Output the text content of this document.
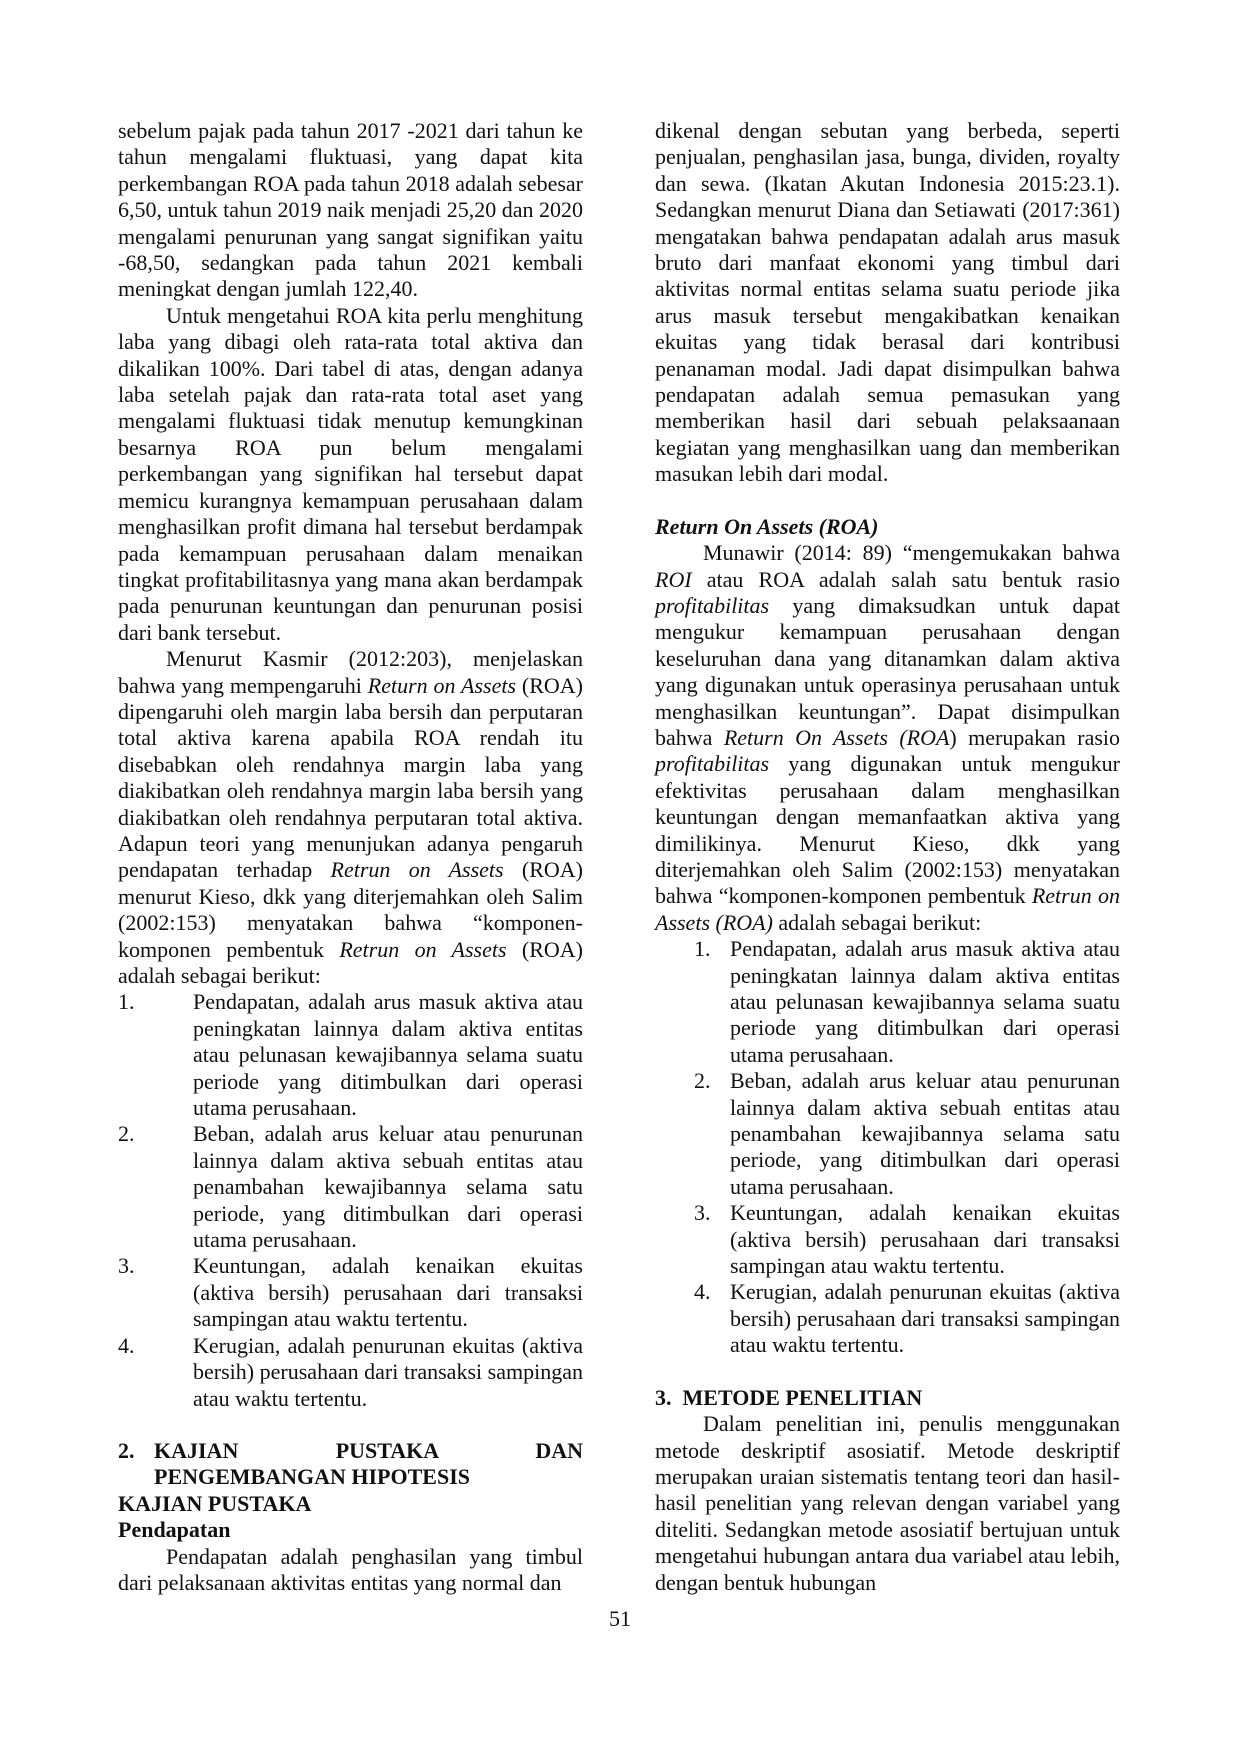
sebelum pajak pada tahun 2017 -2021 dari tahun ke tahun mengalami fluktuasi, yang dapat kita perkembangan ROA pada tahun 2018 adalah sebesar 6,50, untuk tahun 2019 naik menjadi 25,20 dan 2020 mengalami penurunan yang sangat signifikan yaitu -68,50, sedangkan pada tahun 2021 kembali meningkat dengan jumlah 122,40.

Untuk mengetahui ROA kita perlu menghitung laba yang dibagi oleh rata-rata total aktiva dan dikalikan 100%. Dari tabel di atas, dengan adanya laba setelah pajak dan rata-rata total aset yang mengalami fluktuasi tidak menutup kemungkinan besarnya ROA pun belum mengalami perkembangan yang signifikan hal tersebut dapat memicu kurangnya kemampuan perusahaan dalam menghasilkan profit dimana hal tersebut berdampak pada kemampuan perusahaan dalam menaikan tingkat profitabilitasnya yang mana akan berdampak pada penurunan keuntungan dan penurunan posisi dari bank tersebut.

Menurut Kasmir (2012:203), menjelaskan bahwa yang mempengaruhi Return on Assets (ROA) dipengaruhi oleh margin laba bersih dan perputaran total aktiva karena apabila ROA rendah itu disebabkan oleh rendahnya margin laba yang diakibatkan oleh rendahnya margin laba bersih yang diakibatkan oleh rendahnya perputaran total aktiva. Adapun teori yang menunjukan adanya pengaruh pendapatan terhadap Retrun on Assets (ROA) menurut Kieso, dkk yang diterjemahkan oleh Salim (2002:153) menyatakan bahwa “komponen-komponen pembentuk Retrun on Assets (ROA) adalah sebagai berikut:

1.	Pendapatan, adalah arus masuk aktiva atau peningkatan lainnya dalam aktiva entitas atau pelunasan kewajibannya selama suatu periode yang ditimbulkan dari operasi utama perusahaan.
2.	Beban, adalah arus keluar atau penurunan lainnya dalam aktiva sebuah entitas atau penambahan kewajibannya selama satu periode, yang ditimbulkan dari operasi utama perusahaan.
3.	Keuntungan, adalah kenaikan ekuitas (aktiva bersih) perusahaan dari transaksi sampingan atau waktu tertentu.
4.	Kerugian, adalah penurunan ekuitas (aktiva bersih) perusahaan dari transaksi sampingan atau waktu tertentu.
2. KAJIAN PUSTAKA DAN
PENGEMBANGAN HIPOTESIS
KAJIAN PUSTAKA
Pendapatan

Pendapatan adalah penghasilan yang timbul dari pelaksanaan aktivitas entitas yang normal dan

dikenal dengan sebutan yang berbeda, seperti penjualan, penghasilan jasa, bunga, dividen, royalty dan sewa. (Ikatan Akutan Indonesia 2015:23.1). Sedangkan menurut Diana dan Setiawati (2017:361) mengatakan bahwa pendapatan adalah arus masuk bruto dari manfaat ekonomi yang timbul dari aktivitas normal entitas selama suatu periode jika arus masuk tersebut mengakibatkan kenaikan ekuitas yang tidak berasal dari kontribusi penanaman modal. Jadi dapat disimpulkan bahwa pendapatan adalah semua pemasukan yang memberikan hasil dari sebuah pelaksaanaan kegiatan yang menghasilkan uang dan memberikan masukan lebih dari modal.

Return On Assets (ROA)

Munawir (2014: 89) “mengemukakan bahwa ROI atau ROA adalah salah satu bentuk rasio profitabilitas yang dimaksudkan untuk dapat mengukur kemampuan perusahaan dengan keseluruhan dana yang ditanamkan dalam aktiva yang digunakan untuk operasinya perusahaan untuk menghasilkan keuntungan”. Dapat disimpulkan bahwa Return On Assets (ROA) merupakan rasio profitabilitas yang digunakan untuk mengukur efektivitas perusahaan dalam menghasilkan keuntungan dengan memanfaatkan aktiva yang dimilikinya. Menurut Kieso, dkk yang diterjemahkan oleh Salim (2002:153) menyatakan bahwa “komponen-komponen pembentuk Retrun on Assets (ROA) adalah sebagai berikut:

1. Pendapatan, adalah arus masuk aktiva atau peningkatan lainnya dalam aktiva entitas atau pelunasan kewajibannya selama suatu periode yang ditimbulkan dari operasi utama perusahaan.
2. Beban, adalah arus keluar atau penurunan lainnya dalam aktiva sebuah entitas atau penambahan kewajibannya selama satu periode, yang ditimbulkan dari operasi utama perusahaan.
3. Keuntungan, adalah kenaikan ekuitas (aktiva bersih) perusahaan dari transaksi sampingan atau waktu tertentu.
4. Kerugian, adalah penurunan ekuitas (aktiva bersih) perusahaan dari transaksi sampingan atau waktu tertentu.
3.  METODE PENELITIAN

Dalam penelitian ini, penulis menggunakan metode deskriptif asosiatif. Metode deskriptif merupakan uraian sistematis tentang teori dan hasil-hasil penelitian yang relevan dengan variabel yang diteliti. Sedangkan metode asosiatif bertujuan untuk mengetahui hubungan antara dua variabel atau lebih, dengan bentuk hubungan

51
